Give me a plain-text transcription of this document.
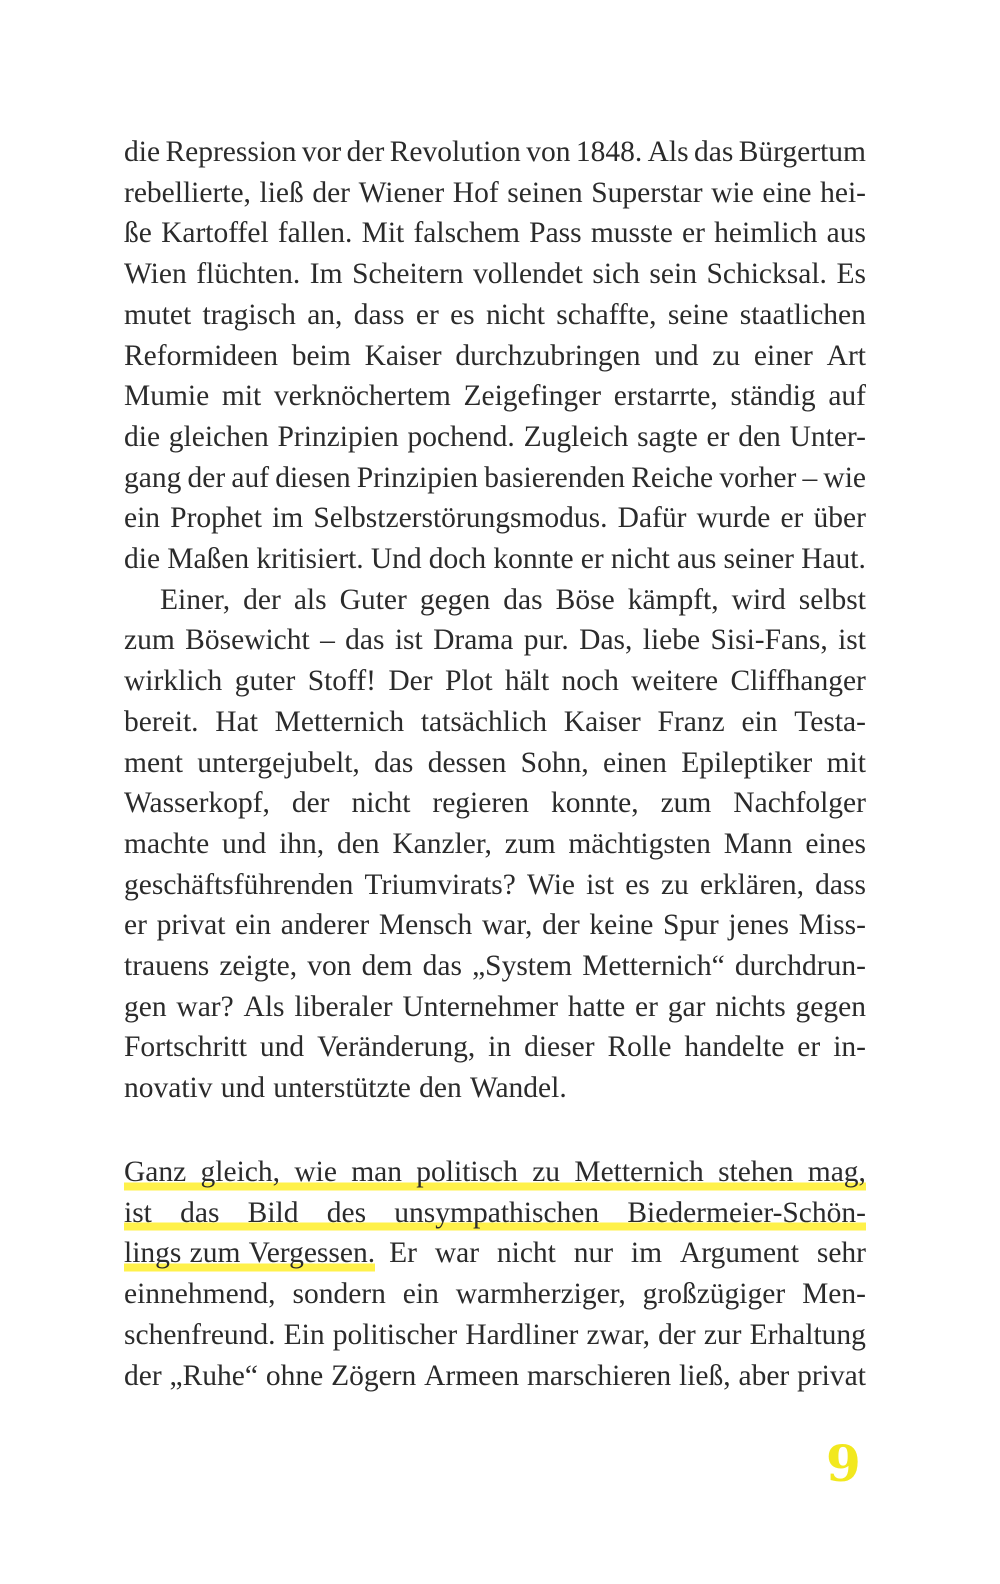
die Repression vor der Revolution von 1848. Als das Bürgertum
rebellierte, ließ der Wiener Hof seinen Superstar wie eine hei-
ße Kartoffel fallen. Mit falschem Pass musste er heimlich aus
Wien flüchten. Im Scheitern vollendet sich sein Schicksal. Es
mutet tragisch an, dass er es nicht schaffte, seine staatlichen
Reformideen beim Kaiser durchzubringen und zu einer Art
Mumie mit verknöchertem Zeigefinger erstarrte, ständig auf
die gleichen Prinzipien pochend. Zugleich sagte er den Unter-
gang der auf diesen Prinzipien basierenden Reiche vorher – wie
ein Prophet im Selbstzerstörungsmodus. Dafür wurde er über
die Maßen kritisiert. Und doch konnte er nicht aus seiner Haut.
Einer, der als Guter gegen das Böse kämpft, wird selbst
zum Bösewicht – das ist Drama pur. Das, liebe Sisi-Fans, ist
wirklich guter Stoff! Der Plot hält noch weitere Cliffhanger
bereit. Hat Metternich tatsächlich Kaiser Franz ein Testa-
ment untergejubelt, das dessen Sohn, einen Epileptiker mit
Wasserkopf, der nicht regieren konnte, zum Nachfolger
machte und ihn, den Kanzler, zum mächtigsten Mann eines
geschäftsführenden Triumvirats? Wie ist es zu erklären, dass
er privat ein anderer Mensch war, der keine Spur jenes Miss-
trauens zeigte, von dem das „System Metternich“ durchdrun-
gen war? Als liberaler Unternehmer hatte er gar nichts gegen
Fortschritt und Veränderung, in dieser Rolle handelte er in-
novativ und unterstützte den Wandel.
Ganz gleich, wie man politisch zu Metternich stehen mag,
ist das Bild des unsympathischen Biedermeier-Schön-
lings zum Vergessen. Er war nicht nur im Argument sehr
einnehmend, sondern ein warmherziger, großzügiger Men-
schenfreund. Ein politischer Hardliner zwar, der zur Erhaltung
der „Ruhe“ ohne Zögern Armeen marschieren ließ, aber privat
9
